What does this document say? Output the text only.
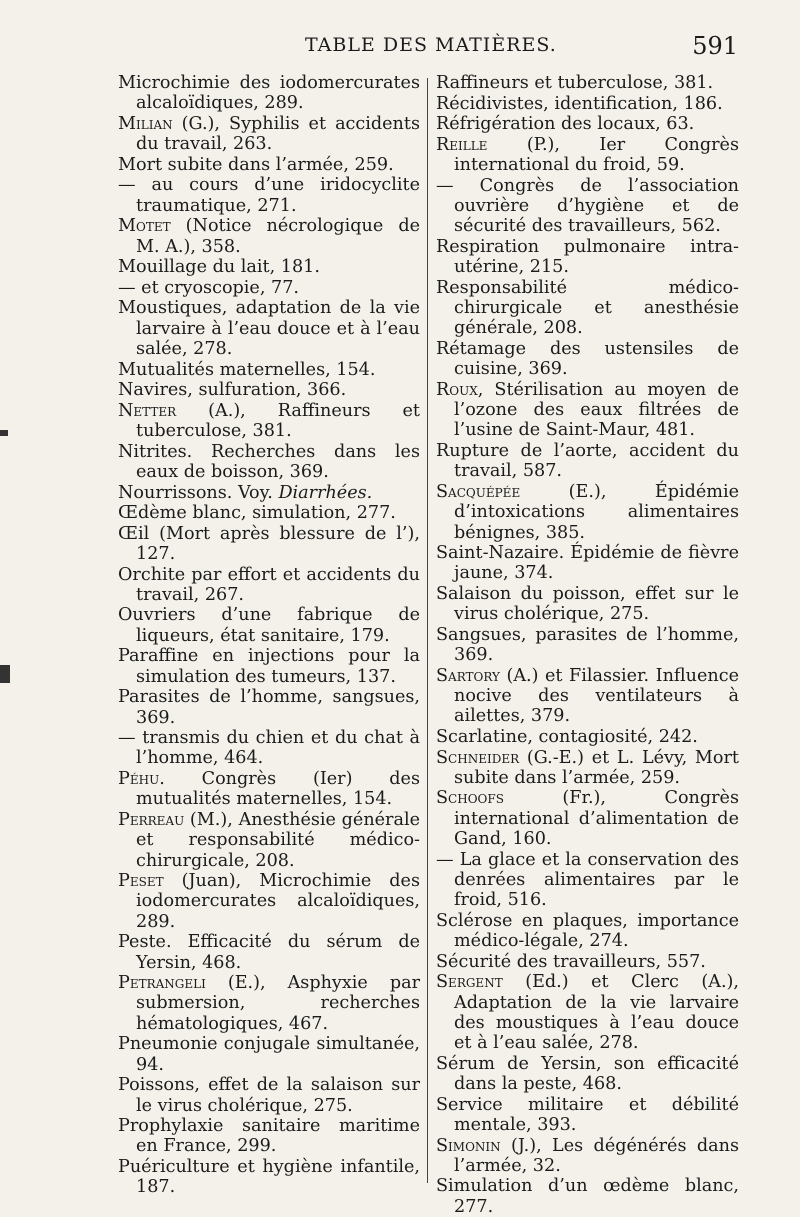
TABLE DES MATIÈRES.	591
Microchimie des iodomercurates alcaloïdiques, 289.
Milian (G.), Syphilis et accidents du travail, 263.
Mort subite dans l’armée, 259.
— au cours d’une iridocyclite traumatique, 271.
Motet (Notice nécrologique de M. A.), 358.
Mouillage du lait, 181.
— et cryoscopie, 77.
Moustiques, adaptation de la vie larvaire à l’eau douce et à l’eau salée, 278.
Mutualités maternelles, 154.
Navires, sulfuration, 366.
Netter (A.), Raffineurs et tuberculose, 381.
Nitrites. Recherches dans les eaux de boisson, 369.
Nourrissons. Voy. Diarrhées.
Œdème blanc, simulation, 277.
Œil (Mort après blessure de l’), 127.
Orchite par effort et accidents du travail, 267.
Ouvriers d’une fabrique de liqueurs, état sanitaire, 179.
Paraffine en injections pour la simulation des tumeurs, 137.
Parasites de l’homme, sangsues, 369.
— transmis du chien et du chat à l’homme, 464.
Péhu. Congrès (Ier) des mutualités maternelles, 154.
Perreau (M.), Anesthésie générale et responsabilité médico-chirurgicale, 208.
Peset (Juan), Microchimie des iodomercurates alcaloïdiques, 289.
Peste. Efficacité du sérum de Yersin, 468.
Petrangeli (E.), Asphyxie par submersion, recherches hématologiques, 467.
Pneumonie conjugale simultanée, 94.
Poissons, effet de la salaison sur le virus cholérique, 275.
Prophylaxie sanitaire maritime en France, 299.
Puériculture et hygiène infantile, 187.
Raffineurs et tuberculose, 381.
Récidivistes, identification, 186.
Réfrigération des locaux, 63.
Reille (P.), Ier Congrès international du froid, 59.
— Congrès de l’association ouvrière d’hygiène et de sécurité des travailleurs, 562.
Respiration pulmonaire intra-utérine, 215.
Responsabilité médico-chirurgicale et anesthésie générale, 208.
Rétamage des ustensiles de cuisine, 369.
Roux, Stérilisation au moyen de l’ozone des eaux filtrées de l’usine de Saint-Maur, 481.
Rupture de l’aorte, accident du travail, 587.
Sacquépée (E.), Épidémie d’intoxications alimentaires bénignes, 385.
Saint-Nazaire. Épidémie de fièvre jaune, 374.
Salaison du poisson, effet sur le virus cholérique, 275.
Sangsues, parasites de l’homme, 369.
Sartory (A.) et Filassier. Influence nocive des ventilateurs à ailettes, 379.
Scarlatine, contagiosité, 242.
Schneider (G.-E.) et L. Lévy, Mort subite dans l’armée, 259.
Schoofs (Fr.), Congrès international d’alimentation de Gand, 160.
— La glace et la conservation des denrées alimentaires par le froid, 516.
Sclérose en plaques, importance médico-légale, 274.
Sécurité des travailleurs, 557.
Sergent (Ed.) et Clerc (A.), Adaptation de la vie larvaire des moustiques à l’eau douce et à l’eau salée, 278.
Sérum de Yersin, son efficacité dans la peste, 468.
Service militaire et débilité mentale, 393.
Simonin (J.), Les dégénérés dans l’armée, 32.
Simulation d’un œdème blanc, 277.
